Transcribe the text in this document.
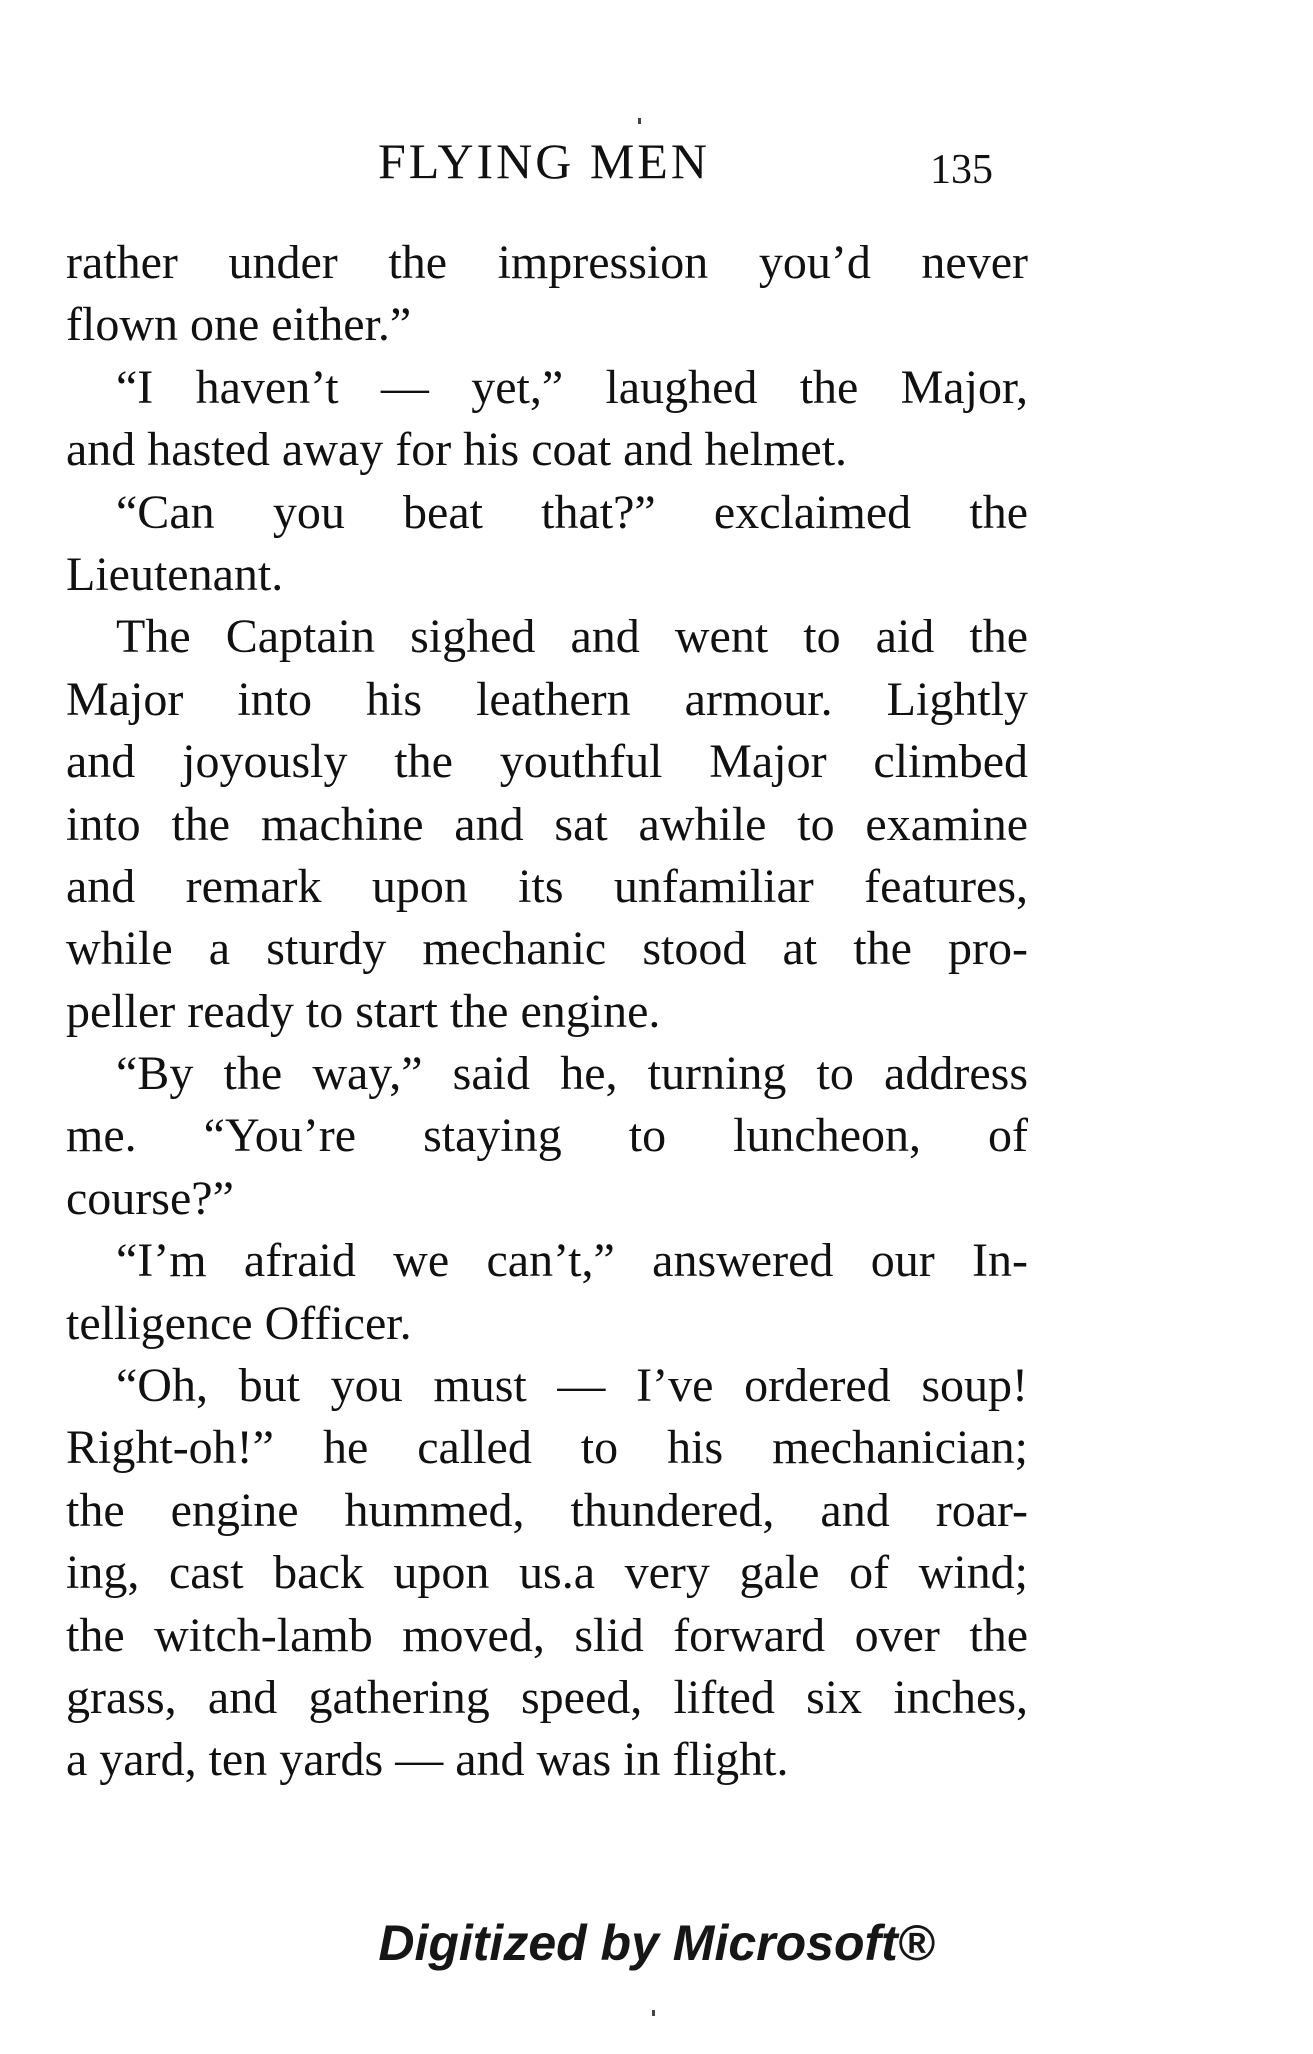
FLYING MEN	135
rather under the impression you’d never
flown one either.”
“I haven’t — yet,” laughed the Major,
and hasted away for his coat and helmet.
“Can you beat that?” exclaimed the
Lieutenant.
The Captain sighed and went to aid the
Major into his leathern armour. Lightly
and joyously the youthful Major climbed
into the machine and sat awhile to examine
and remark upon its unfamiliar features,
while a sturdy mechanic stood at the pro-
peller ready to start the engine.
“By the way,” said he, turning to address
me. “You’re staying to luncheon, of
course?”
“I’m afraid we can’t,” answered our In-
telligence Officer.
“Oh, but you must — I’ve ordered soup!
Right-oh!” he called to his mechanician;
the engine hummed, thundered, and roar-
ing, cast back upon us.a very gale of wind;
the witch-lamb moved, slid forward over the
grass, and gathering speed, lifted six inches,
a yard, ten yards — and was in flight.
Digitized by Microsoft®
